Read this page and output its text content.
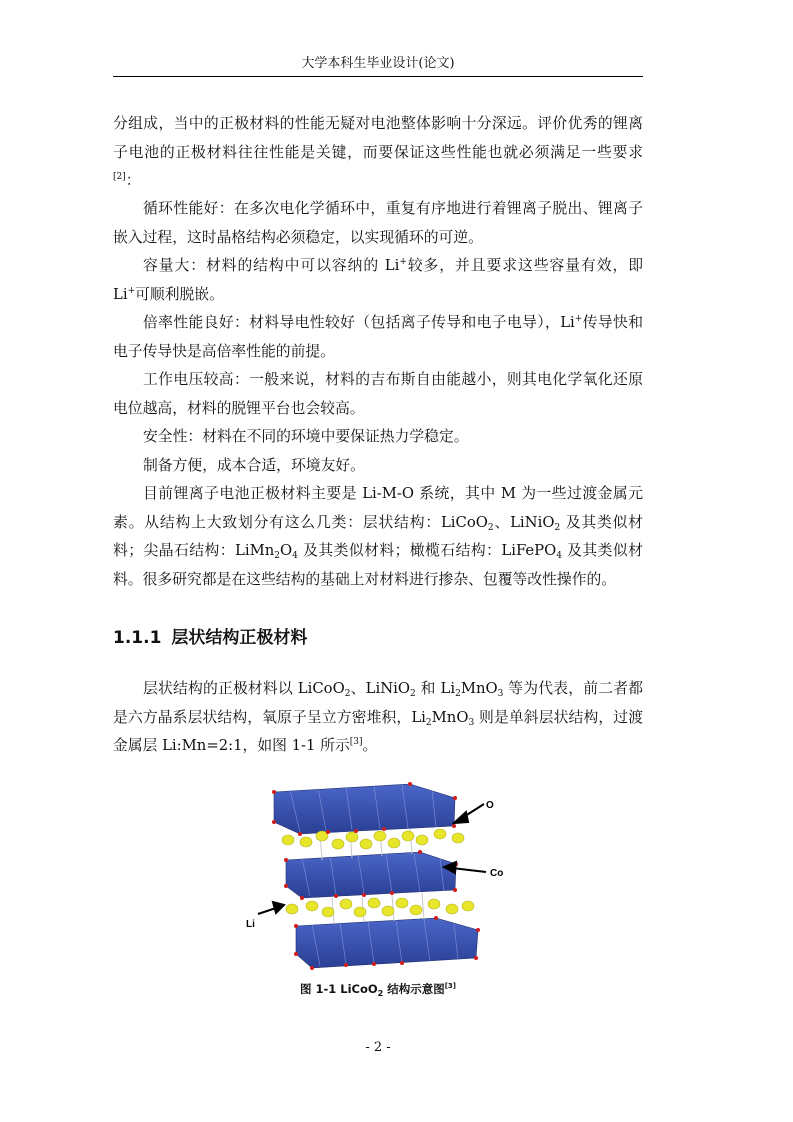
大学本科生毕业设计(论文)

分组成，当中的正极材料的性能无疑对电池整体影响十分深远。评价优秀的锂离子电池的正极材料往往性能是关键，而要保证这些性能也就必须满足一些要求[2]：

循环性能好：在多次电化学循环中，重复有序地进行着锂离子脱出、锂离子嵌入过程，这时晶格结构必须稳定，以实现循环的可逆。

容量大：材料的结构中可以容纳的 Li+较多，并且要求这些容量有效，即 Li+可顺利脱嵌。

倍率性能良好：材料导电性较好（包括离子传导和电子电导），Li+传导快和电子传导快是高倍率性能的前提。

工作电压较高：一般来说，材料的吉布斯自由能越小，则其电化学氧化还原电位越高，材料的脱锂平台也会较高。

安全性：材料在不同的环境中要保证热力学稳定。

制备方便，成本合适，环境友好。

目前锂离子电池正极材料主要是 Li-M-O 系统，其中 M 为一些过渡金属元素。从结构上大致划分有这么几类：层状结构：LiCoO$_2$、LiNiO$_2$ 及其类似材料；尖晶石结构：$LiMn_2O_4$ 及其类似材料；橄榄石结构：LiFePO$_4$ 及其类似材料。很多研究都是在这些结构的基础上对材料进行掺杂、包覆等改性操作的。

1.1.1 层状结构正极材料

层状结构的正极材料以 LiCoO$_2$、LiNiO$_2$ 和 $Li_2MnO_3$ 等为代表，前二者都是六方晶系层状结构，氧原子呈立方密堆积，$Li_2MnO_3$ 则是单斜层状结构，过渡金属层 Li:Mn=2:1，如图 1-1 所示[3]。

O
Co
Li
图 1-1 LiCoO$_2$ 结构示意图[3]
- 2 -
